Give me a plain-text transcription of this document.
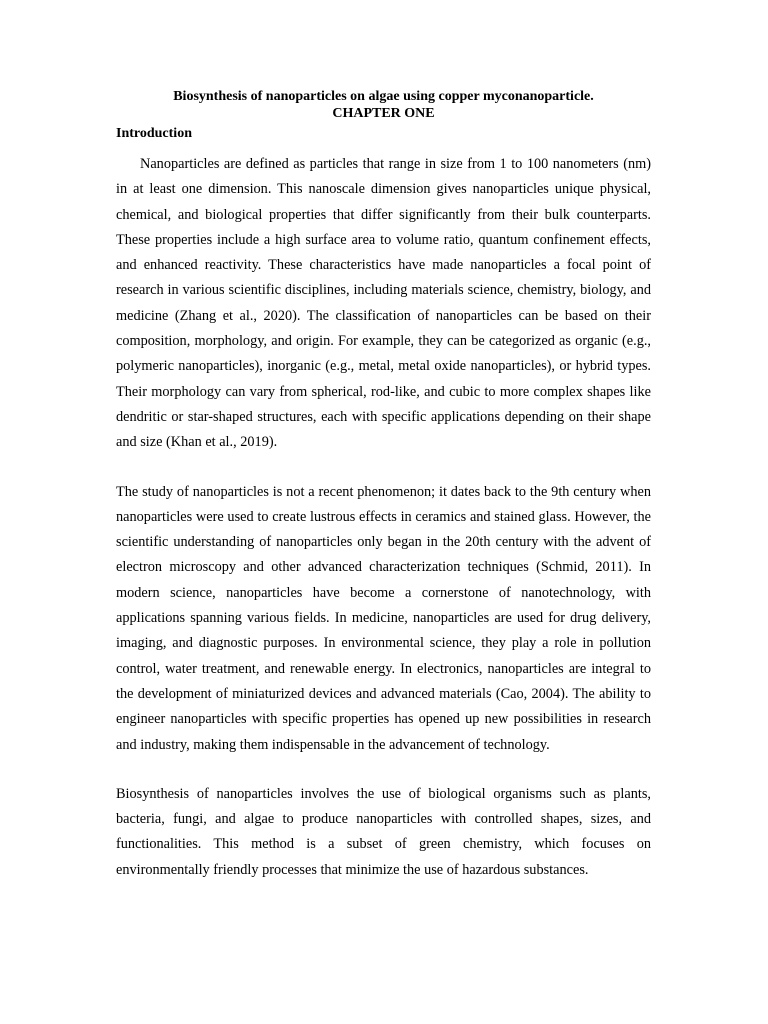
Biosynthesis of nanoparticles on algae using copper myconanoparticle.

CHAPTER ONE

Introduction

Nanoparticles are defined as particles that range in size from 1 to 100 nanometers (nm) in at least one dimension. This nanoscale dimension gives nanoparticles unique physical, chemical, and biological properties that differ significantly from their bulk counterparts. These properties include a high surface area to volume ratio, quantum confinement effects, and enhanced reactivity. These characteristics have made nanoparticles a focal point of research in various scientific disciplines, including materials science, chemistry, biology, and medicine (Zhang et al., 2020). The classification of nanoparticles can be based on their composition, morphology, and origin. For example, they can be categorized as organic (e.g., polymeric nanoparticles), inorganic (e.g., metal, metal oxide nanoparticles), or hybrid types. Their morphology can vary from spherical, rod-like, and cubic to more complex shapes like dendritic or star-shaped structures, each with specific applications depending on their shape and size (Khan et al., 2019).

The study of nanoparticles is not a recent phenomenon; it dates back to the 9th century when nanoparticles were used to create lustrous effects in ceramics and stained glass. However, the scientific understanding of nanoparticles only began in the 20th century with the advent of electron microscopy and other advanced characterization techniques (Schmid, 2011). In modern science, nanoparticles have become a cornerstone of nanotechnology, with applications spanning various fields. In medicine, nanoparticles are used for drug delivery, imaging, and diagnostic purposes. In environmental science, they play a role in pollution control, water treatment, and renewable energy. In electronics, nanoparticles are integral to the development of miniaturized devices and advanced materials (Cao, 2004). The ability to engineer nanoparticles with specific properties has opened up new possibilities in research and industry, making them indispensable in the advancement of technology.

Biosynthesis of nanoparticles involves the use of biological organisms such as plants, bacteria, fungi, and algae to produce nanoparticles with controlled shapes, sizes, and functionalities. This method is a subset of green chemistry, which focuses on environmentally friendly processes that minimize the use of hazardous substances.
